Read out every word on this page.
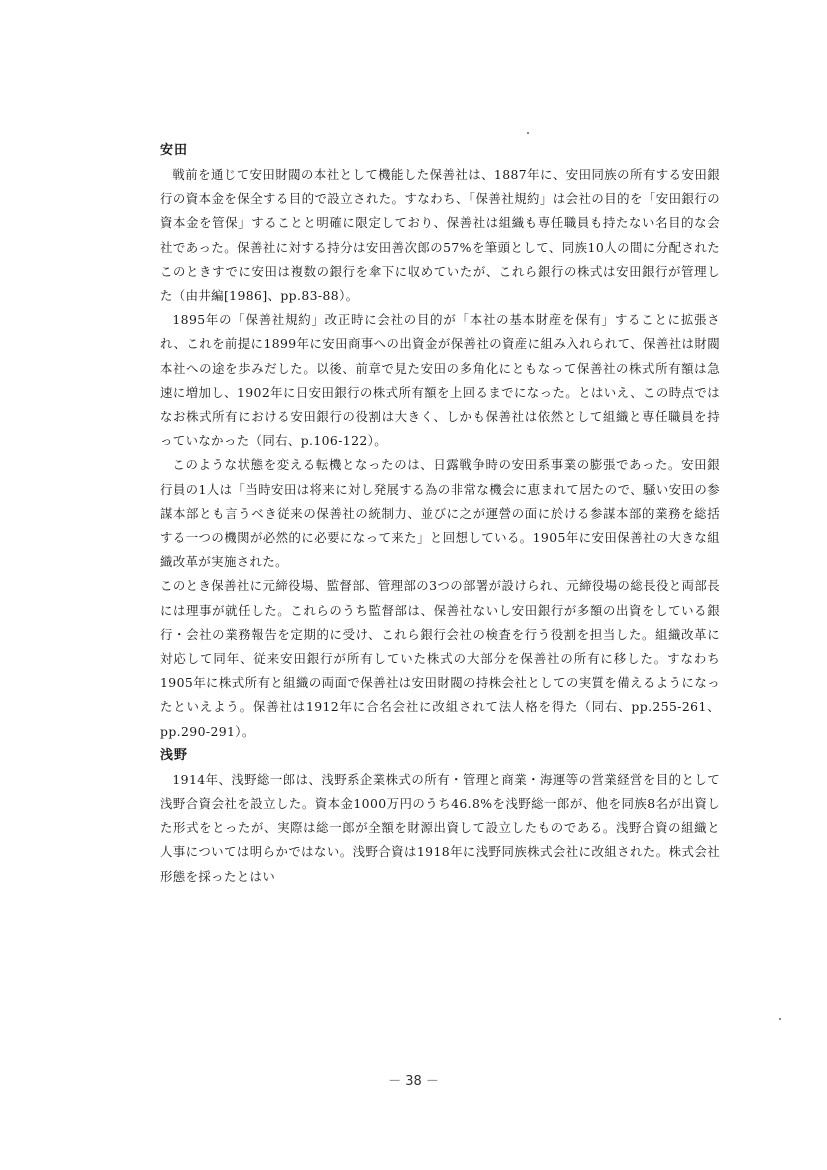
安田

戦前を通じて安田財閥の本社として機能した保善社は、1887年に、安田同族の所有する安田銀行の資本金を保全する目的で設立された。すなわち、「保善社規約」は会社の目的を「安田銀行の資本金を管保」することと明確に限定しており、保善社は組織も専任職員も持たない名目的な会社であった。保善社に対する持分は安田善次郎の57%を筆頭として、同族10人の間に分配されたこのときすでに安田は複数の銀行を傘下に収めていたが、これら銀行の株式は安田銀行が管理した（由井編[1986]、pp.83-88）。

1895年の「保善社規約」改正時に会社の目的が「本社の基本財産を保有」することに拡張され、これを前提に1899年に安田商事への出資金が保善社の資産に組み入れられて、保善社は財閥本社への途を歩みだした。以後、前章で見た安田の多角化にともなって保善社の株式所有額は急速に増加し、1902年に日安田銀行の株式所有額を上回るまでになった。とはいえ、この時点ではなお株式所有における安田銀行の役割は大きく、しかも保善社は依然として組織と専任職員を持っていなかった（同右、p.106-122）。

このような状態を変える転機となったのは、日露戦争時の安田系事業の膨張であった。安田銀行員の1人は「当時安田は将来に対し発展する為の非常な機会に恵まれて居たので、騒い安田の参謀本部とも言うべき従来の保善社の統制力、並びに之が運營の面に於ける参謀本部的業務を総括する一つの機関が必然的に必要になって来た」と回想している。1905年に安田保善社の大きな組織改革が実施された。

このとき保善社に元締役場、監督部、管理部の3つの部署が設けられ、元締役場の総長役と両部長には理事が就任した。これらのうち監督部は、保善社ないし安田銀行が多額の出資をしている銀行・会社の業務報告を定期的に受け、これら銀行会社の検査を行う役割を担当した。組織改革に対応して同年、従来安田銀行が所有していた株式の大部分を保善社の所有に移した。すなわち1905年に株式所有と組織の両面で保善社は安田財閥の持株会社としての実質を備えるようになったといえよう。保善社は1912年に合名会社に改組されて法人格を得た（同右、pp.255-261、pp.290-291）。

浅野

1914年、浅野総一郎は、浅野系企業株式の所有・管理と商業・海運等の営業経営を目的として浅野合資会社を設立した。資本金1000万円のうち46.8%を浅野総一郎が、他を同族8名が出資した形式をとったが、実際は総一郎が全額を財源出資して設立したものである。浅野合資の組織と人事については明らかではない。浅野合資は1918年に浅野同族株式会社に改組された。株式会社形態を採ったとはい

－ 38 －
